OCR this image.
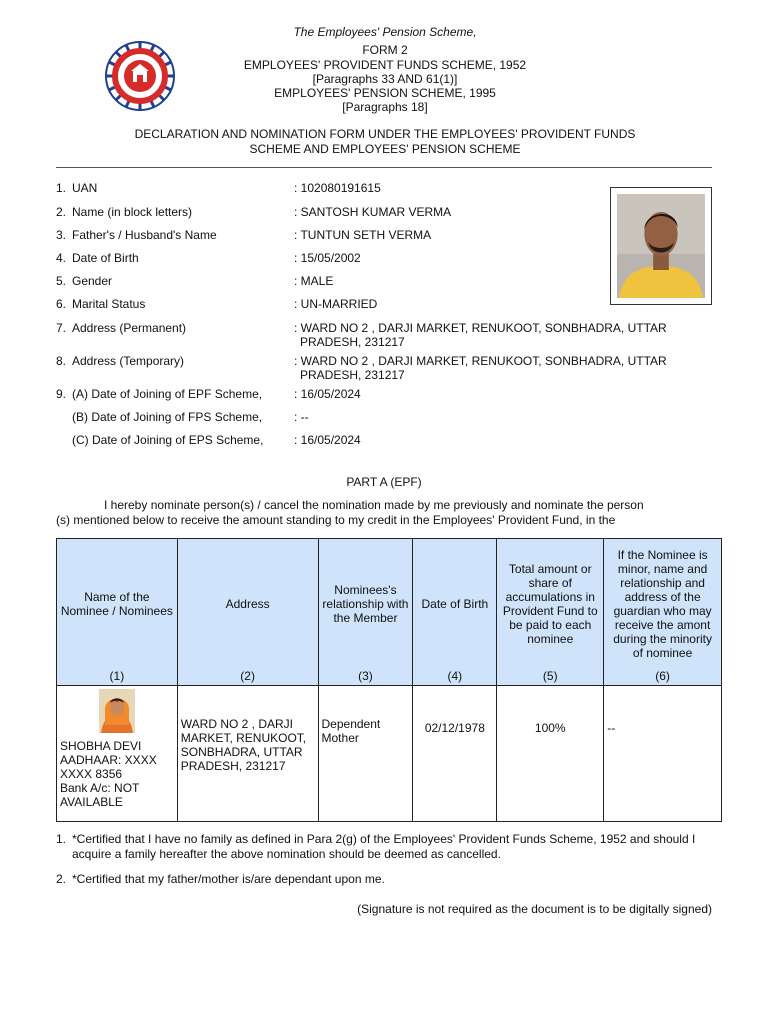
The Employees' Pension Scheme,
FORM 2
EMPLOYEES' PROVIDENT FUNDS SCHEME, 1952
[Paragraphs 33 AND 61(1)]
EMPLOYEES' PENSION SCHEME, 1995
[Paragraphs 18]
DECLARATION AND NOMINATION FORM UNDER THE EMPLOYEES' PROVIDENT FUNDS
SCHEME AND EMPLOYEES' PENSION SCHEME
1. UAN	: 102080191615
2. Name (in block letters)	: SANTOSH KUMAR VERMA
3. Father's / Husband's Name	: TUNTUN SETH VERMA
4. Date of Birth	: 15/05/2002
5. Gender	: MALE
6. Marital Status	: UN-MARRIED
7. Address (Permanent)	: WARD NO 2 , DARJI MARKET, RENUKOOT, SONBHADRA, UTTAR
PRADESH, 231217
8. Address (Temporary)	: WARD NO 2 , DARJI MARKET, RENUKOOT, SONBHADRA, UTTAR
PRADESH, 231217
9. (A) Date of Joining of EPF Scheme,	: 16/05/2024
(B) Date of Joining of FPS Scheme,	: --
(C) Date of Joining of EPS Scheme,	: 16/05/2024
PART A (EPF)
I hereby nominate person(s) / cancel the nomination made by me previously and nominate the person
(s) mentioned below to receive the amount standing to my credit in the Employees' Provident Fund, in the
Name of the Nominee / Nominees	Address	Nominees's relationship with the Member	Date of Birth	Total amount or share of accumulations in Provident Fund to be paid to each nominee	If the Nominee is minor, name and relationship and address of the guardian who may receive the amont during the minority of nominee
(1)	(2)	(3)	(4)	(5)	(6)

SHOBHA DEVI
AADHAAR: XXXX
XXXX 8356
Bank A/c: NOT
AVAILABLE	WARD NO 2 , DARJI MARKET, RENUKOOT, SONBHADRA, UTTAR PRADESH, 231217	Dependent Mother	02/12/1978	100%	--
1. *Certified that I have no family as defined in Para 2(g) of the Employees' Provident Funds Scheme, 1952 and should I acquire a family hereafter the above nomination should be deemed as cancelled.
2. *Certified that my father/mother is/are dependant upon me.
(Signature is not required as the document is to be digitally signed)
